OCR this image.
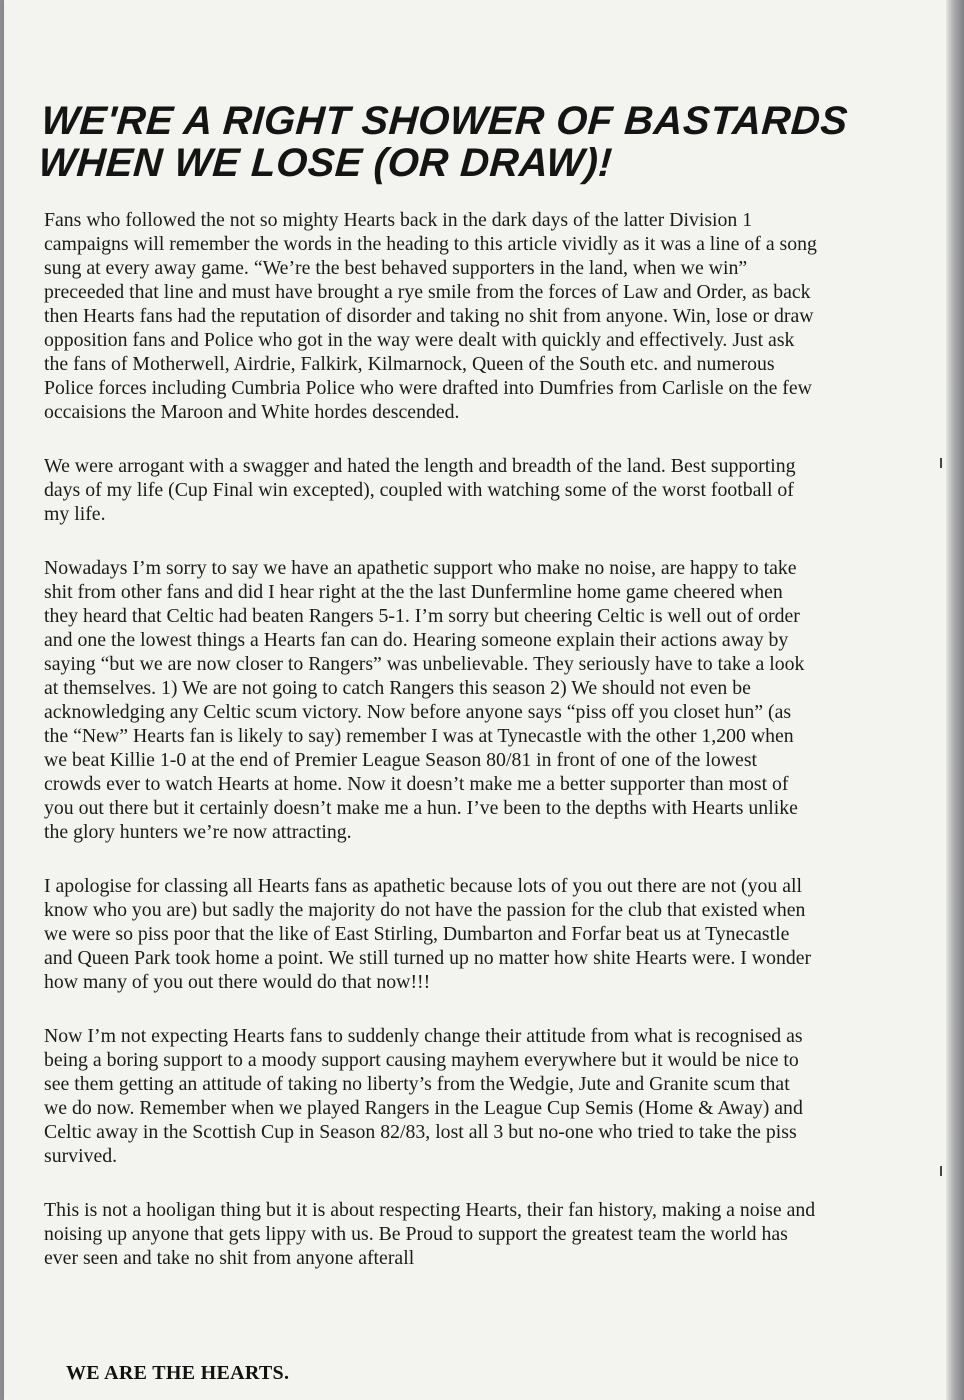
WE'RE A RIGHT SHOWER OF BASTARDS
WHEN WE LOSE (OR DRAW)!

Fans who followed the not so mighty Hearts back in the dark days of the latter Division 1
campaigns will remember the words in the heading to this article vividly as it was a line of a song
sung at every away game. “We’re the best behaved supporters in the land, when we win”
preceeded that line and must have brought a rye smile from the forces of Law and Order, as back
then Hearts fans had the reputation of disorder and taking no shit from anyone. Win, lose or draw
opposition fans and Police who got in the way were dealt with quickly and effectively. Just ask
the fans of Motherwell, Airdrie, Falkirk, Kilmarnock, Queen of the South etc. and numerous
Police forces including Cumbria Police who were drafted into Dumfries from Carlisle on the few
occaisions the Maroon and White hordes descended.

We were arrogant with a swagger and hated the length and breadth of the land. Best supporting
days of my life (Cup Final win excepted), coupled with watching some of the worst football of
my life.

Nowadays I’m sorry to say we have an apathetic support who make no noise, are happy to take
shit from other fans and did I hear right at the the last Dunfermline home game cheered when
they heard that Celtic had beaten Rangers 5-1. I’m sorry but cheering Celtic is well out of order
and one the lowest things a Hearts fan can do. Hearing someone explain their actions away by
saying “but we are now closer to Rangers” was unbelievable. They seriously have to take a look
at themselves. 1) We are not going to catch Rangers this season 2) We should not even be
acknowledging any Celtic scum victory. Now before anyone says “piss off you closet hun” (as
the “New” Hearts fan is likely to say) remember I was at Tynecastle with the other 1,200 when
we beat Killie 1-0 at the end of Premier League Season 80/81 in front of one of the lowest
crowds ever to watch Hearts at home. Now it doesn’t make me a better supporter than most of
you out there but it certainly doesn’t make me a hun. I’ve been to the depths with Hearts unlike
the glory hunters we’re now attracting.

I apologise for classing all Hearts fans as apathetic because lots of you out there are not (you all
know who you are) but sadly the majority do not have the passion for the club that existed when
we were so piss poor that the like of East Stirling, Dumbarton and Forfar beat us at Tynecastle
and Queen Park took home a point. We still turned up no matter how shite Hearts were. I wonder
how many of you out there would do that now!!!

Now I’m not expecting Hearts fans to suddenly change their attitude from what is recognised as
being a boring support to a moody support causing mayhem everywhere but it would be nice to
see them getting an attitude of taking no liberty’s from the Wedgie, Jute and Granite scum that
we do now. Remember when we played Rangers in the League Cup Semis (Home & Away) and
Celtic away in the Scottish Cup in Season 82/83, lost all 3 but no-one who tried to take the piss
survived.

This is not a hooligan thing but it is about respecting Hearts, their fan history, making a noise and
noising up anyone that gets lippy with us. Be Proud to support the greatest team the world has
ever seen and take no shit from anyone afterall

WE ARE THE HEARTS.
